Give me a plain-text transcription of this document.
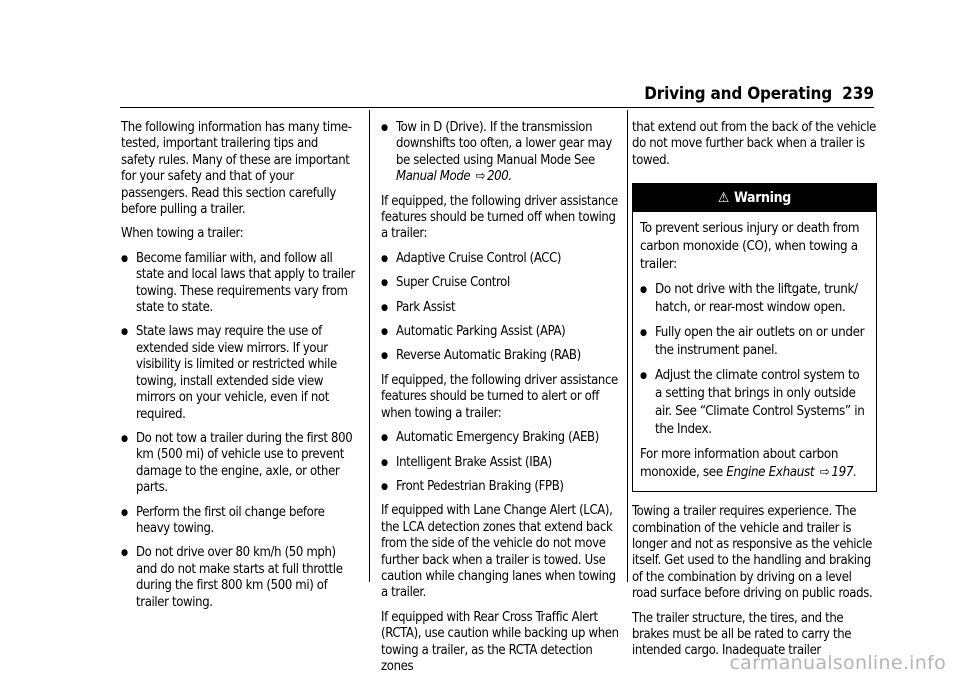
Driving and Operating 239

The following information has many time-tested, important trailering tips and safety rules. Many of these are important for your safety and that of your passengers. Read this section carefully before pulling a trailer.

When towing a trailer:

● Become familiar with, and follow all state and local laws that apply to trailer towing. These requirements vary from state to state.
● State laws may require the use of extended side view mirrors. If your visibility is limited or restricted while towing, install extended side view mirrors on your vehicle, even if not required.
● Do not tow a trailer during the first 800 km (500 mi) of vehicle use to prevent damage to the engine, axle, or other parts.
● Perform the first oil change before heavy towing.
● Do not drive over 80 km/h (50 mph) and do not make starts at full throttle during the first 800 km (500 mi) of trailer towing.
● Tow in D (Drive). If the transmission downshifts too often, a lower gear may be selected using Manual Mode See Manual Mode ⇨ 200.

If equipped, the following driver assistance features should be turned off when towing a trailer:

● Adaptive Cruise Control (ACC)
● Super Cruise Control
● Park Assist
● Automatic Parking Assist (APA)
● Reverse Automatic Braking (RAB)

If equipped, the following driver assistance features should be turned to alert or off when towing a trailer:

● Automatic Emergency Braking (AEB)
● Intelligent Brake Assist (IBA)
● Front Pedestrian Braking (FPB)

If equipped with Lane Change Alert (LCA), the LCA detection zones that extend back from the side of the vehicle do not move further back when a trailer is towed. Use caution while changing lanes when towing a trailer.

If equipped with Rear Cross Traffic Alert (RCTA), use caution while backing up when towing a trailer, as the RCTA detection zones

that extend out from the back of the vehicle do not move further back when a trailer is towed.

⚠ Warning

To prevent serious injury or death from carbon monoxide (CO), when towing a trailer:

● Do not drive with the liftgate, trunk/ hatch, or rear-most window open.
● Fully open the air outlets on or under the instrument panel.
● Adjust the climate control system to a setting that brings in only outside air. See “Climate Control Systems” in the Index.

For more information about carbon monoxide, see Engine Exhaust ⇨ 197.

Towing a trailer requires experience. The combination of the vehicle and trailer is longer and not as responsive as the vehicle itself. Get used to the handling and braking of the combination by driving on a level road surface before driving on public roads.

The trailer structure, the tires, and the brakes must be all be rated to carry the intended cargo. Inadequate trailer

carmanualsonline.info
